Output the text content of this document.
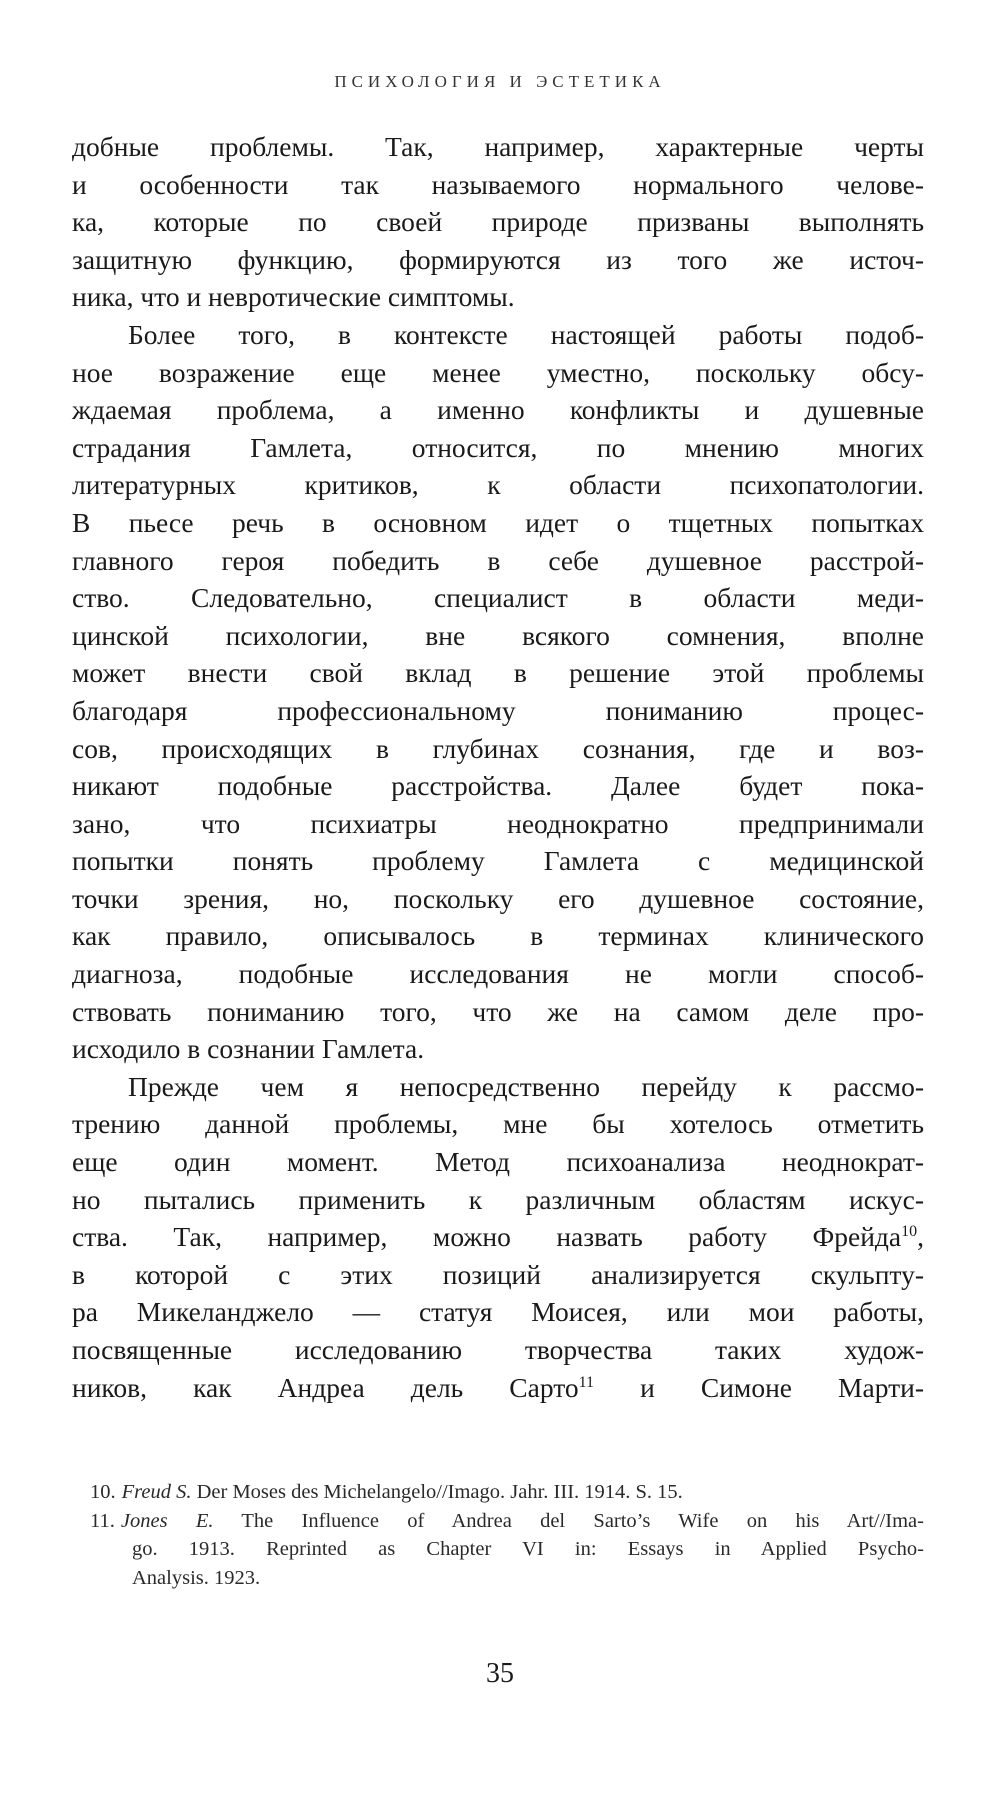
ПСИХОЛОГИЯ И ЭСТЕТИКА
добные проблемы. Так, например, характерные черты
и особенности так называемого нормального челове-
ка, которые по своей природе призваны выполнять
защитную функцию, формируются из того же источ-
ника, что и невротические симптомы.
Более того, в контексте настоящей работы подоб-
ное возражение еще менее уместно, поскольку обсу-
ждаемая проблема, а именно конфликты и душевные
страдания Гамлета, относится, по мнению многих
литературных критиков, к области психопатологии.
В пьесе речь в основном идет о тщетных попытках
главного героя победить в себе душевное расстрой-
ство. Следовательно, специалист в области меди-
цинской психологии, вне всякого сомнения, вполне
может внести свой вклад в решение этой проблемы
благодаря профессиональному пониманию процес-
сов, происходящих в глубинах сознания, где и воз-
никают подобные расстройства. Далее будет пока-
зано, что психиатры неоднократно предпринимали
попытки понять проблему Гамлета с медицинской
точки зрения, но, поскольку его душевное состояние,
как правило, описывалось в терминах клинического
диагноза, подобные исследования не могли способ-
ствовать пониманию того, что же на самом деле про-
исходило в сознании Гамлета.
Прежде чем я непосредственно перейду к рассмо-
трению данной проблемы, мне бы хотелось отметить
еще один момент. Метод психоанализа неоднократ-
но пытались применить к различным областям искус-
ства. Так, например, можно назвать работу Фрейда$^{10}$,
в которой с этих позиций анализируется скульпту-
ра Микеланджело — статуя Моисея, или мои работы,
посвященные исследованию творчества таких худож-
ников, как Андреа дель Сарто$^{11}$ и Симоне Марти-
10. Freud S. Der Moses des Michelangelo//Imago. Jahr. III. 1914. S. 15.
11. Jones E. The Influence of Andrea del Sarto’s Wife on his Art//Ima-
go. 1913. Reprinted as Chapter VI in: Essays in Applied Psycho-
Analysis. 1923.
35
